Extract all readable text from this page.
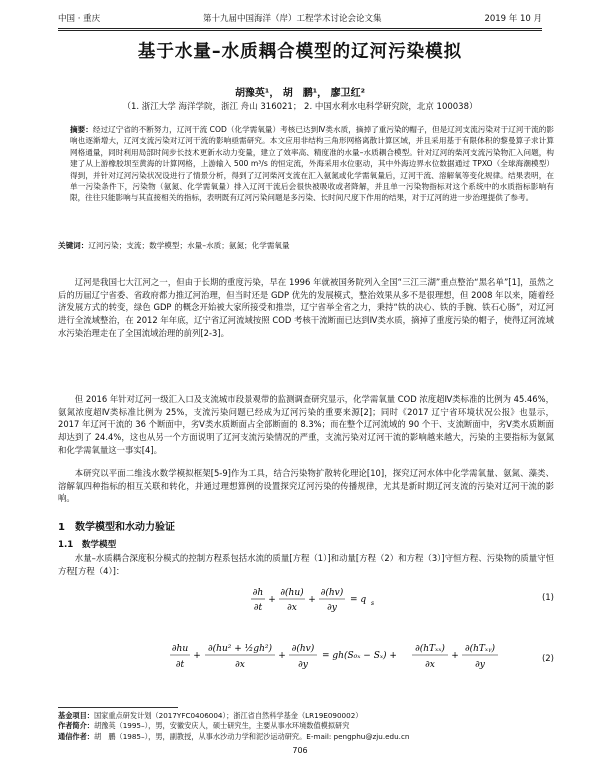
中国 · 重庆	第十九届中国海洋（岸）工程学术讨论会论文集	2019 年 10 月
基于水量–水质耦合模型的辽河污染模拟
胡豫英¹， 胡　鹏¹， 廖卫红²
（1. 浙江大学 海洋学院，浙江 舟山 316021； 2. 中国水利水电科学研究院，北京 100038）
摘要：经过辽宁省的不断努力，辽河干流 COD（化学需氧量）考核已达到Ⅳ类水质，摘掉了重污染的帽子，但是辽河支流污染对于辽河干流的影响也逐渐增大，辽河支流污染对辽河干流的影响亟需研究。本文应用非结构三角形网格离散计算区域，并且采用基于有限体积的黎曼算子求计算网格通量，同时利用局部时间步长技术更新水动力变量，建立了效率高、精度准的水量–水质耦合模型。针对辽河的柴河支流污染物汇入问题，构建了从上游橡胶坝至黄海的计算网格，上游输入 500 m³/s 的恒定流，外海采用水位驱动，其中外海边界水位数据通过 TPXO（全球海潮模型）得到，并针对辽河污染状况设进行了情景分析，得到了辽河柴河支流在汇入氨氮或化学需氧量后，辽河干流、溶解氧等变化规律。结果表明，在单一污染条件下，污染物（氨氮、化学需氧量）排入辽河干流后会很快被吸收或者降解，并且单一污染物指标对这个系统中的水质指标影响有限，往往只能影响与其直接相关的指标，表明既有辽河污染问题是多污染、长时间尺度下作用的结果，对于辽河的进一步治理提供了参考。
关键词：辽河污染；支流；数学模型；水量–水质；氨氮；化学需氧量

辽河是我国七大江河之一，但由于长期的重度污染，早在 1996 年就被国务院列入全国“三江三湖”重点整治“黑名单”[1]，虽然之后的历届辽宁省委、省政府都力推辽河治理，但当时还是 GDP 优先的发展模式，整治效果从多不是很理想，但 2008 年以来，随着经济发展方式的转变，绿色 GDP 的概念开始被大家所接受和推崇，辽宁省举全省之力，秉持“铁的决心、铁的手腕、铁石心肠”，对辽河进行全流域整治，在 2012 年年底，辽宁省辽河流域按照 COD 考核干流断面已达到Ⅳ类水质，摘掉了重度污染的帽子，使得辽河流域水污染治理走在了全国流域治理的前列[2-3]。

但 2016 年针对辽河一级汇入口及支流城市段景观带的监测调查研究显示，化学需氧量 COD 浓度超Ⅳ类标准的比例为 45.46%，氨氮浓度超Ⅳ类标准比例为 25%，支流污染问题已经成为辽河污染的重要来源[2]；同时《2017 辽宁省环境状况公报》也显示，2017 年辽河干流的 36 个断面中，劣Ⅴ类水质断面占全部断面的 8.3%；而在整个辽河流域的 90 个干、支流断面中，劣Ⅴ类水质断面却达到了 24.4%，这也从另一个方面说明了辽河支流污染情况的严重，支流污染对辽河干流的影响越来越大，污染的主要指标为氨氮和化学需氧量这一事实[4]。

本研究以平面二维浅水数学模拟框架[5-9]作为工具，结合污染物扩散转化理论[10]，探究辽河水体中化学需氧量、氨氮、藻类、溶解氧四种指标的相互关联和转化，并通过理想算例的设置探究辽河污染的传播规律，尤其是新时期辽河支流的污染对辽河干流的影响。

1　数学模型和水动力验证
1.1　数学模型

水量–水质耦合深度积分模式的控制方程系包括水流的质量[方程（1）]和动量[方程（2）和方程（3）]守恒方程、污染物的质量守恒方程[方程（4）]：

∂h
∂t
+
∂(hu)
∂x
+
∂(hv)
∂y
= q s
(1)
∂hu
∂t
+
∂(hu² + ½gh²)
∂x
+
∂(hv)
∂y
= gh(S₀ₓ − Sₓ) +
∂(hTₓₓ)
∂x
+
∂(hTₓᵧ)
∂y
(2)
基金项目：国家重点研发计划（2017YFC0406004）；浙江省自然科学基金（LR19E090002）
作者简介：胡豫英（1995–），男，安徽安庆人，硕士研究生，主要从事水环境数值模拟研究
通信作者：胡　鹏（1985–），男，副教授，从事水沙动力学和泥沙运动研究。E-mail: pengphu@zju.edu.cn
706
